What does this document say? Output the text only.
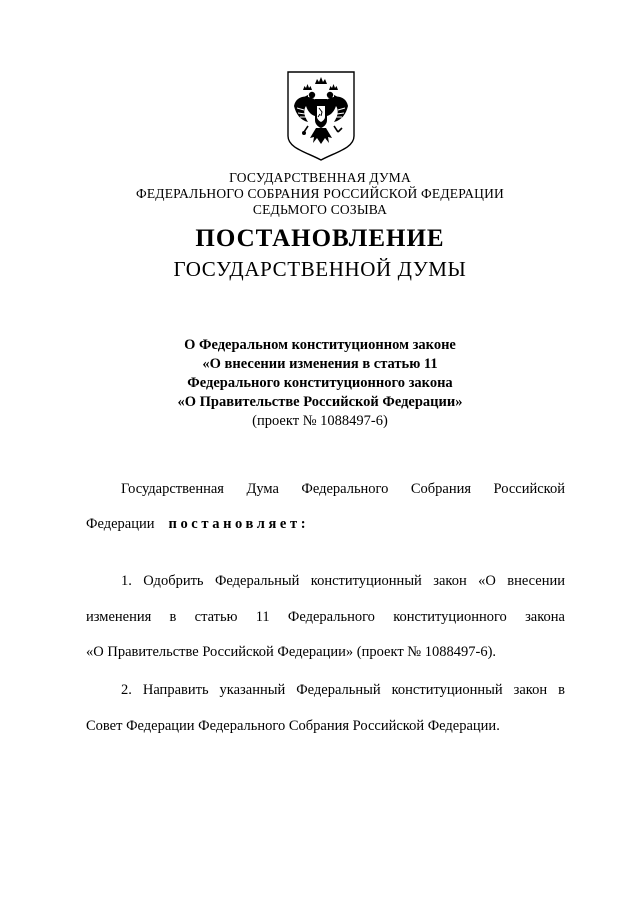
ГОСУДАРСТВЕННАЯ ДУМА
ФЕДЕРАЛЬНОГО СОБРАНИЯ РОССИЙСКОЙ ФЕДЕРАЦИИ
СЕДЬМОГО СОЗЫВА
ПОСТАНОВЛЕНИЕ
ГОСУДАРСТВЕННОЙ ДУМЫ
О Федеральном конституционном законе
«О внесении изменения в статью 11
Федерального конституционного закона
«О Правительстве Российской Федерации»
(проект № 1088497-6)
Государственная Дума Федерального Собрания Российской
Федерации постановляет:
1. Одобрить Федеральный конституционный закон «О внесении
изменения в статью 11 Федерального конституционного закона
«О Правительстве Российской Федерации» (проект № 1088497-6).
2. Направить указанный Федеральный конституционный закон в
Совет Федерации Федерального Собрания Российской Федерации.
